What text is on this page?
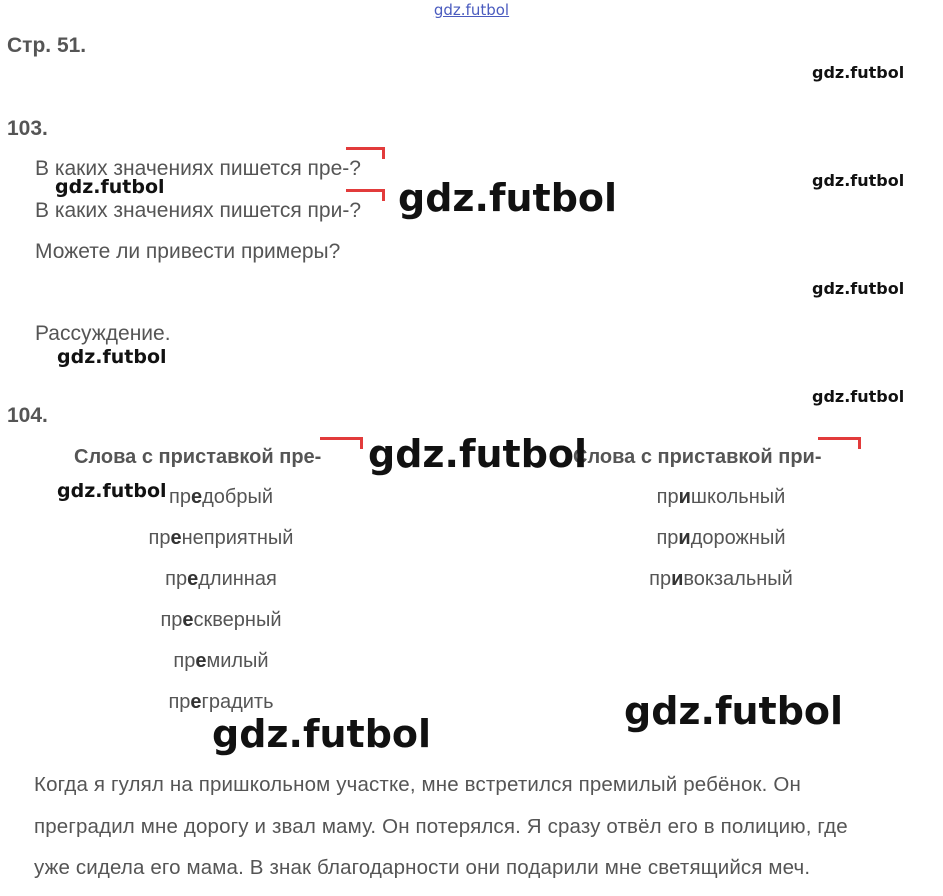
gdz.futbol
Стр. 51.
103.
В каких значениях пишется пре-?
В каких значениях пишется при-?
Можете ли привести примеры?
Рассуждение.
104.
Слова с приставкой пре-	Слова с приставкой при-
предобрый
пренеприятный
предлинная
прескверный
премилый
преградить
пришкольный
придорожный
привокзальный
Когда я гулял на пришкольном участке, мне встретился премилый ребёнок. Он
преградил мне дорогу и звал маму. Он потерялся. Я сразу отвёл его в полицию, где
уже сидела его мама. В знак благодарности они подарили мне светящийся меч.
gdz.futbol
gdz.futbol
gdz.futbol
gdz.futbol
gdz.futbol
gdz.futbol
gdz.futbol
gdz.futbol
gdz.futbol
gdz.futbol
gdz.futbol
